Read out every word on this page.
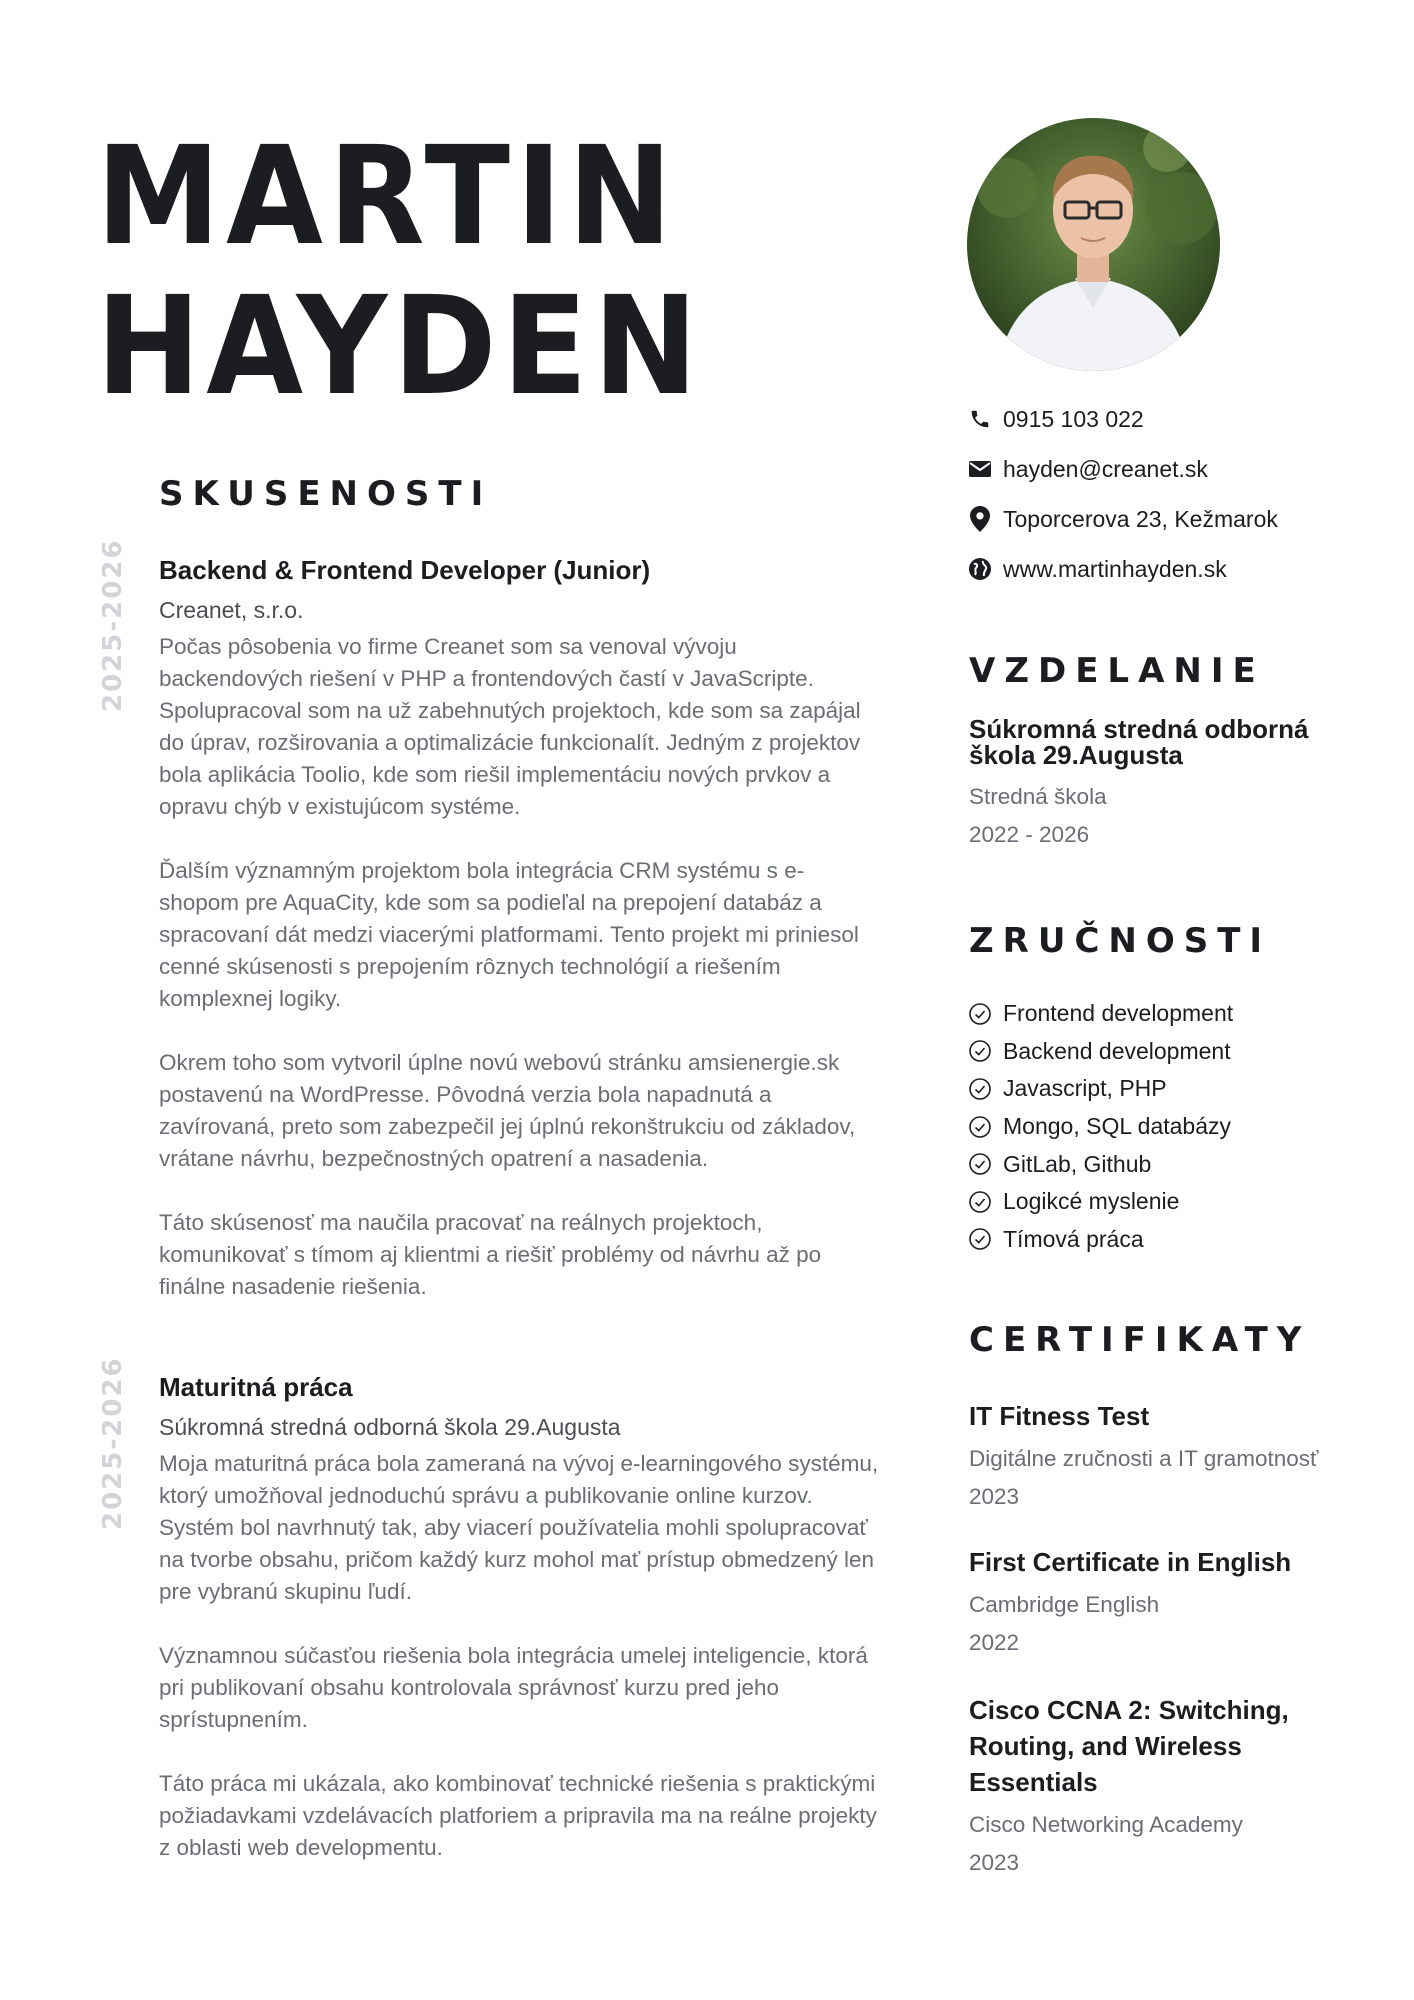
MARTIN
HAYDEN
SKUSENOSTI
2025-2026
2025-2026
Backend & Frontend Developer (Junior)
Creanet, s.r.o.
Počas pôsobenia vo firme Creanet som sa venoval vývoju backendových riešení v PHP a frontendových častí v JavaScripte. Spolupracoval som na už zabehnutých projektoch, kde som sa zapájal do úprav, rozširovania a optimalizácie funkcionalít. Jedným z projektov bola aplikácia Toolio, kde som riešil implementáciu nových prvkov a opravu chýb v existujúcom systéme.
Ďalším významným projektom bola integrácia CRM systému s e-shopom pre AquaCity, kde som sa podieľal na prepojení databáz a spracovaní dát medzi viacerými platformami. Tento projekt mi priniesol cenné skúsenosti s prepojením rôznych technológií a riešením komplexnej logiky.
Okrem toho som vytvoril úplne novú webovú stránku amsienergie.sk postavenú na WordPresse. Pôvodná verzia bola napadnutá a zavírovaná, preto som zabezpečil jej úplnú rekonštrukciu od základov, vrátane návrhu, bezpečnostných opatrení a nasadenia.
Táto skúsenosť ma naučila pracovať na reálnych projektoch, komunikovať s tímom aj klientmi a riešiť problémy od návrhu až po finálne nasadenie riešenia.
Maturitná práca
Súkromná stredná odborná škola 29.Augusta
Moja maturitná práca bola zameraná na vývoj e-learningového systému, ktorý umožňoval jednoduchú správu a publikovanie online kurzov. Systém bol navrhnutý tak, aby viacerí používatelia mohli spolupracovať na tvorbe obsahu, pričom každý kurz mohol mať prístup obmedzený len pre vybranú skupinu ľudí.
Významnou súčasťou riešenia bola integrácia umelej inteligencie, ktorá pri publikovaní obsahu kontrolovala správnosť kurzu pred jeho sprístupnením.
Táto práca mi ukázala, ako kombinovať technické riešenia s praktickými požiadavkami vzdelávacích platforiem a pripravila ma na reálne projekty z oblasti web developmentu.
0915 103 022
hayden@creanet.sk
Toporcerova 23, Kežmarok
www.martinhayden.sk
VZDELANIE
Súkromná stredná odborná škola 29.Augusta
Stredná škola
2022 - 2026
ZRUČNOSTI
Frontend development
Backend development
Javascript, PHP
Mongo, SQL databázy
GitLab, Github
Logikcé myslenie
Tímová práca
CERTIFIKATY
IT Fitness Test
Digitálne zručnosti a IT gramotnosť
2023
First Certificate in English
Cambridge English
2022
Cisco CCNA 2: Switching, Routing, and Wireless Essentials
Cisco Networking Academy
2023
